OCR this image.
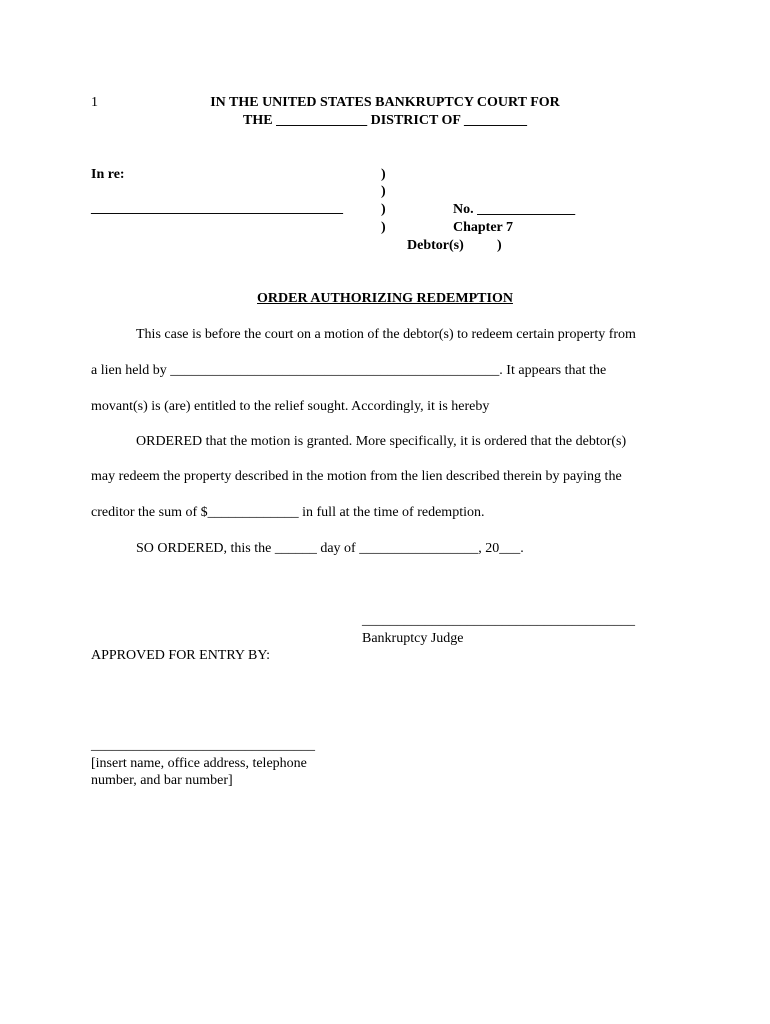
1	IN THE UNITED STATES BANKRUPTCY COURT FOR
THE _____________ DISTRICT OF _________
In re:
____________________________________
)
)
)
)
No. ______________
Chapter 7
Debtor(s) )
ORDER AUTHORIZING REDEMPTION
This case is before the court on a motion of the debtor(s) to redeem certain property from
a lien held by _______________________________________________. It appears that the
movant(s) is (are) entitled to the relief sought. Accordingly, it is hereby
ORDERED that the motion is granted. More specifically, it is ordered that the debtor(s)
may redeem the property described in the motion from the lien described therein by paying the
creditor the sum of $_____________ in full at the time of redemption.
SO ORDERED, this the ______ day of _________________, 20___.
_______________________________________
Bankruptcy Judge
APPROVED FOR ENTRY BY:
________________________________
[insert name, office address, telephone
number, and bar number]
